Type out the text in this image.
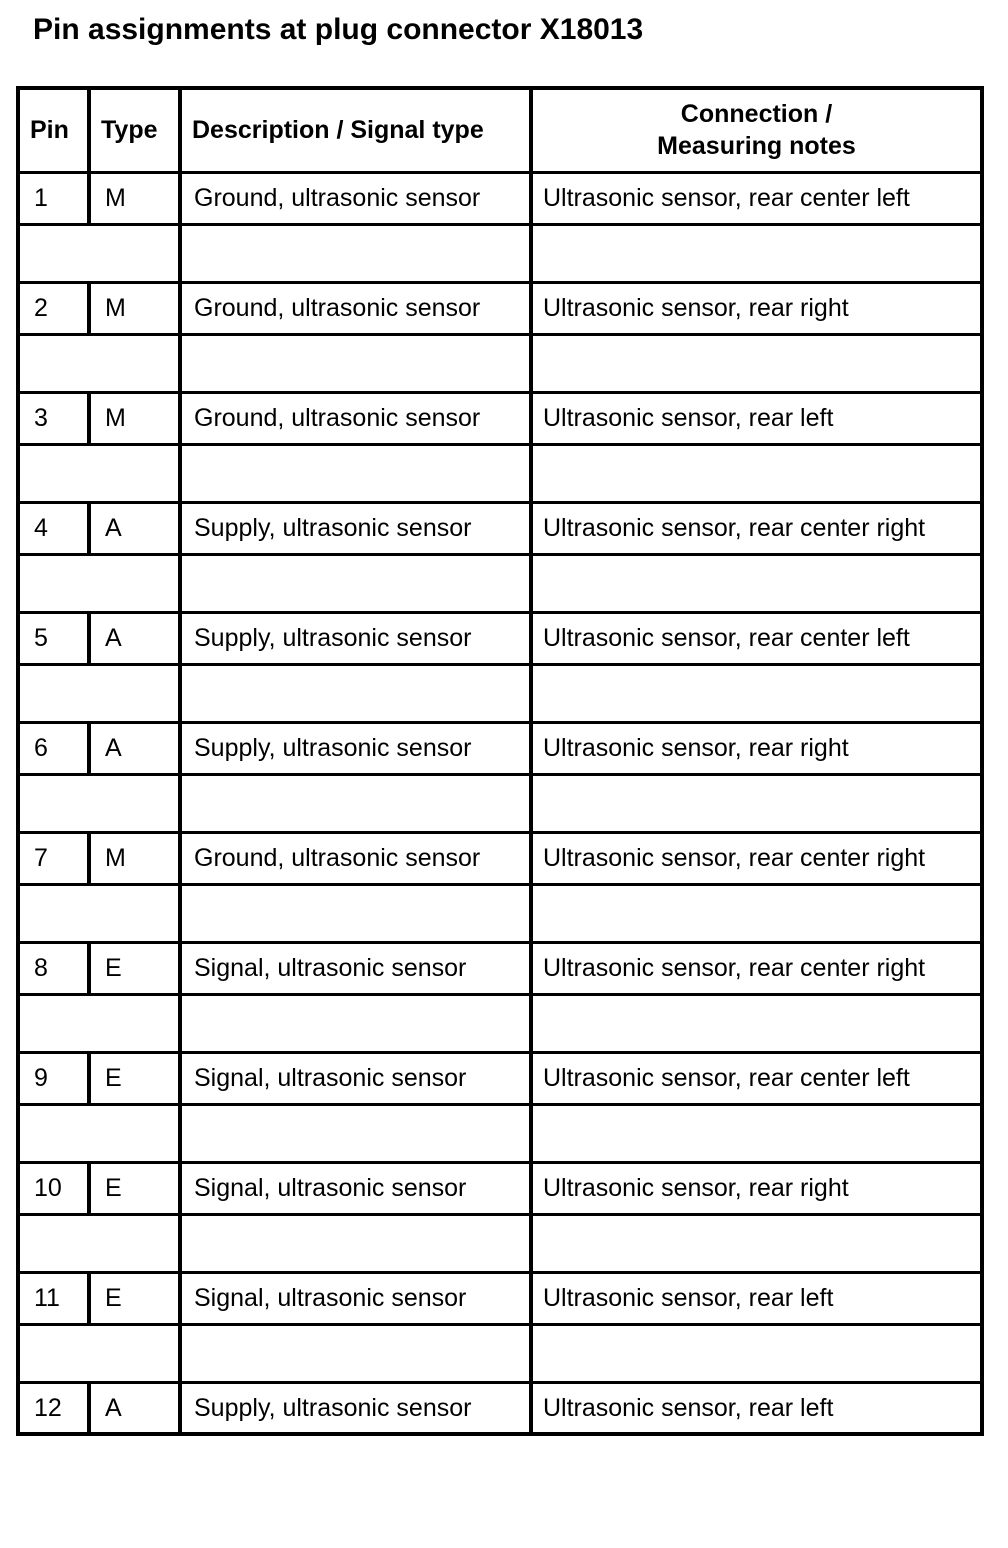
Pin assignments at plug connector X18013
Pin	Type	Description / Signal type	Connection /
Measuring notes

1	M	Ground, ultrasonic sensor	Ultrasonic sensor, rear center left

2	M	Ground, ultrasonic sensor	Ultrasonic sensor, rear right

3	M	Ground, ultrasonic sensor	Ultrasonic sensor, rear left

4	A	Supply, ultrasonic sensor	Ultrasonic sensor, rear center right

5	A	Supply, ultrasonic sensor	Ultrasonic sensor, rear center left

6	A	Supply, ultrasonic sensor	Ultrasonic sensor, rear right

7	M	Ground, ultrasonic sensor	Ultrasonic sensor, rear center right

8	E	Signal, ultrasonic sensor	Ultrasonic sensor, rear center right

9	E	Signal, ultrasonic sensor	Ultrasonic sensor, rear center left

10	E	Signal, ultrasonic sensor	Ultrasonic sensor, rear right

11	E	Signal, ultrasonic sensor	Ultrasonic sensor, rear left

12	A	Supply, ultrasonic sensor	Ultrasonic sensor, rear left
